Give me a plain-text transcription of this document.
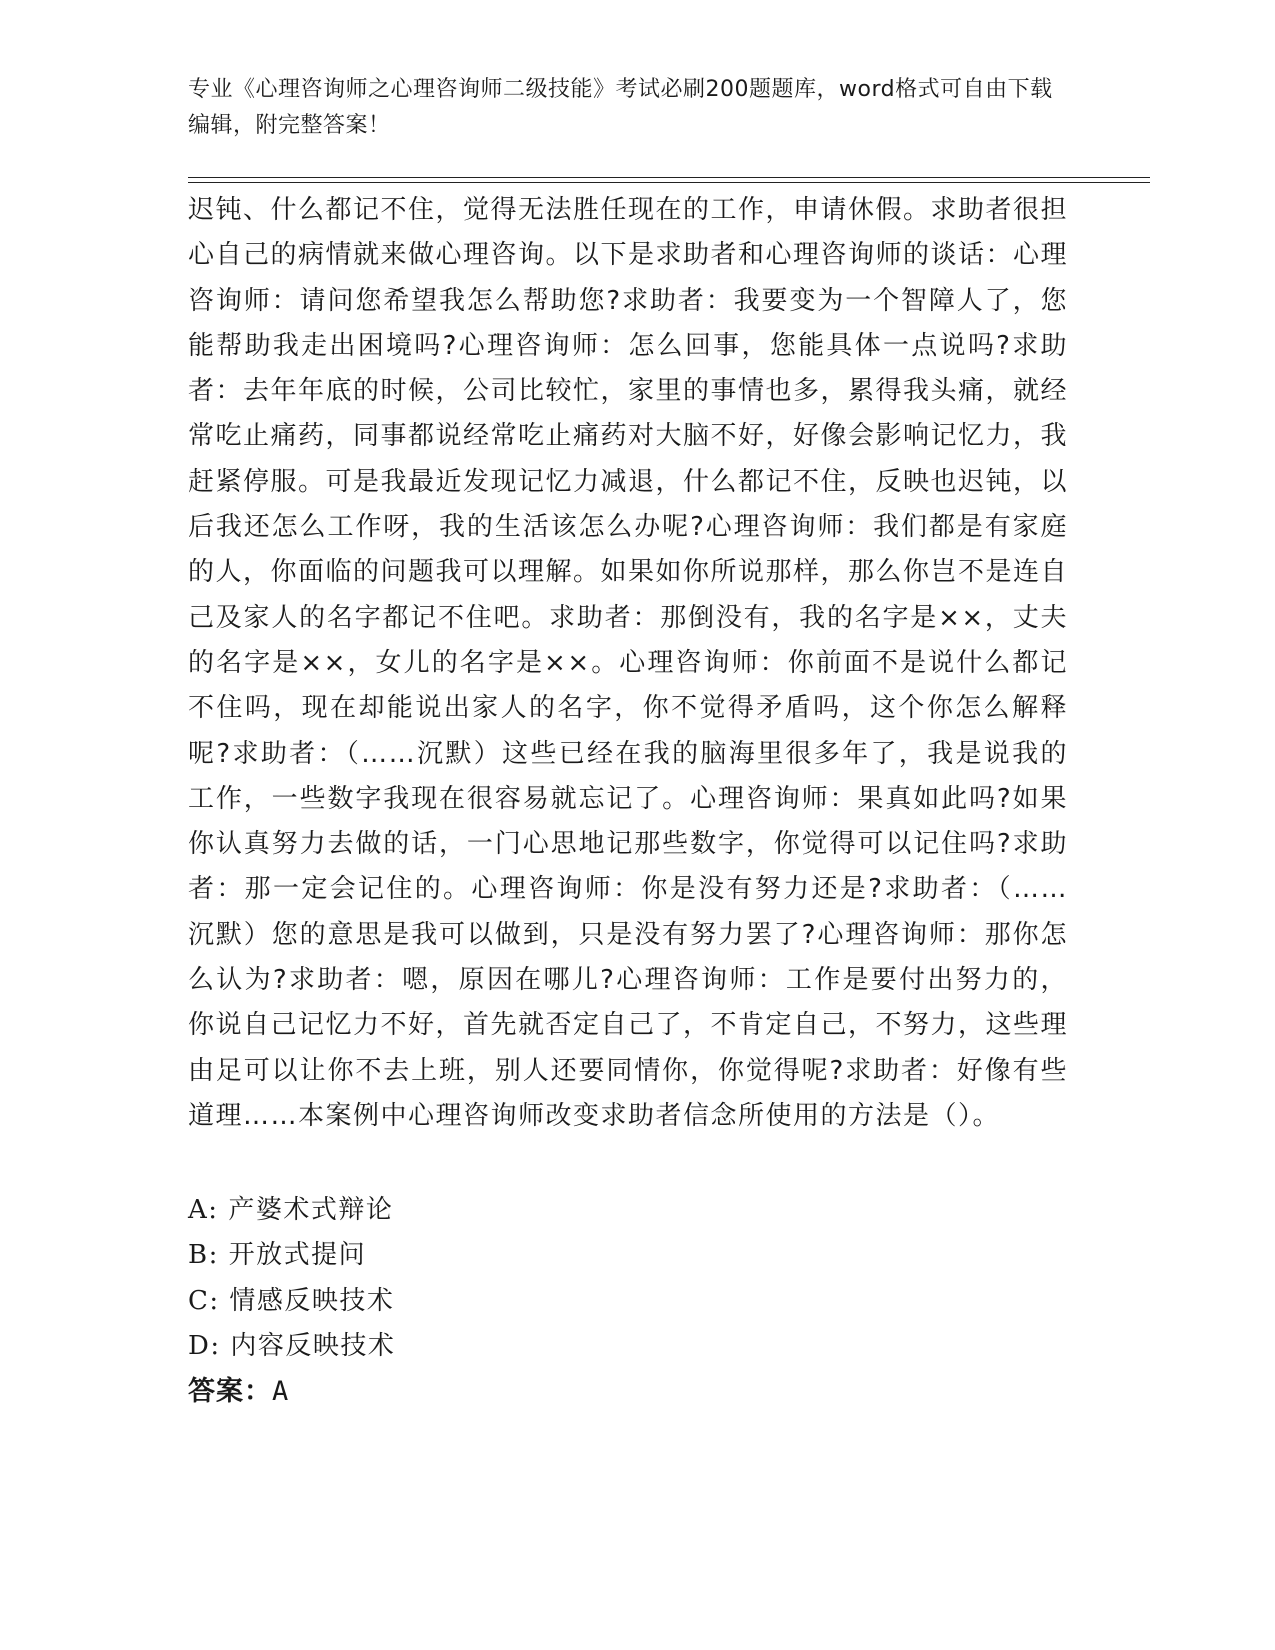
专业《心理咨询师之心理咨询师二级技能》考试必刷200题题库，word格式可自由下载编辑，附完整答案！

迟钝、什么都记不住，觉得无法胜任现在的工作，申请休假。求助者很担心自己的病情就来做心理咨询。以下是求助者和心理咨询师的谈话：心理咨询师：请问您希望我怎么帮助您?求助者：我要变为一个智障人了，您能帮助我走出困境吗?心理咨询师：怎么回事，您能具体一点说吗?求助者：去年年底的时候，公司比较忙，家里的事情也多，累得我头痛，就经常吃止痛药，同事都说经常吃止痛药对大脑不好，好像会影响记忆力，我赶紧停服。可是我最近发现记忆力减退，什么都记不住，反映也迟钝，以后我还怎么工作呀，我的生活该怎么办呢?心理咨询师：我们都是有家庭的人，你面临的问题我可以理解。如果如你所说那样，那么你岂不是连自己及家人的名字都记不住吧。求助者：那倒没有，我的名字是××，丈夫的名字是××，女儿的名字是××。心理咨询师：你前面不是说什么都记不住吗，现在却能说出家人的名字，你不觉得矛盾吗，这个你怎么解释呢?求助者：（……沉默）这些已经在我的脑海里很多年了，我是说我的工作，一些数字我现在很容易就忘记了。心理咨询师：果真如此吗?如果你认真努力去做的话，一门心思地记那些数字，你觉得可以记住吗?求助者：那一定会记住的。心理咨询师：你是没有努力还是?求助者：（……沉默）您的意思是我可以做到，只是没有努力罢了?心理咨询师：那你怎么认为?求助者：嗯，原因在哪儿?心理咨询师：工作是要付出努力的，你说自己记忆力不好，首先就否定自己了，不肯定自己，不努力，这些理由足可以让你不去上班，别人还要同情你，你觉得呢?求助者：好像有些道理……本案例中心理咨询师改变求助者信念所使用的方法是（）。

A: 产婆术式辩论
B: 开放式提问
C: 情感反映技术
D: 内容反映技术
答案：A
